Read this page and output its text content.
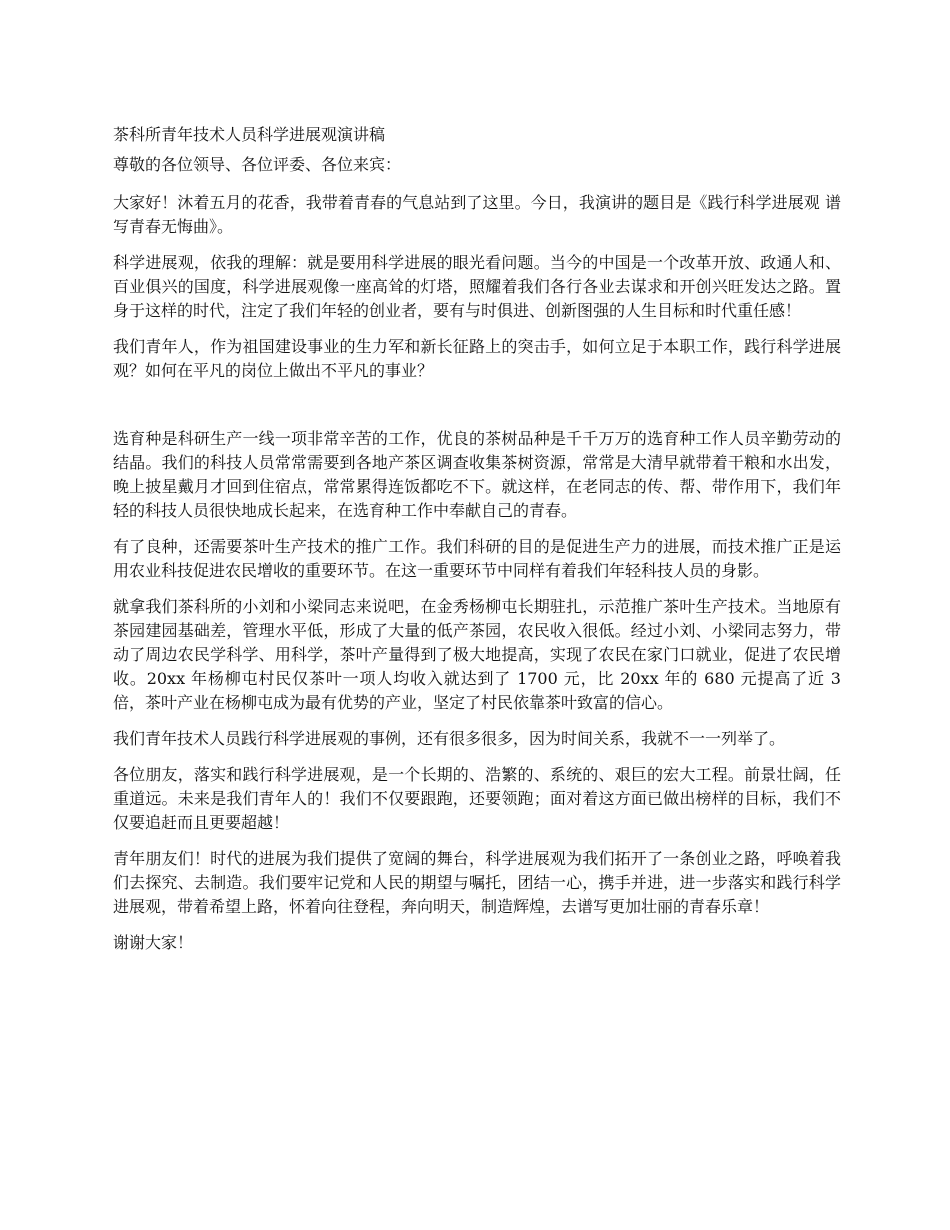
茶科所青年技术人员科学进展观演讲稿

尊敬的各位领导、各位评委、各位来宾：

大家好！沐着五月的花香，我带着青春的气息站到了这里。今日，我演讲的题目是《践行科学进展观 谱写青春无悔曲》。

科学进展观，依我的理解：就是要用科学进展的眼光看问题。当今的中国是一个改革开放、政通人和、百业俱兴的国度，科学进展观像一座高耸的灯塔，照耀着我们各行各业去谋求和开创兴旺发达之路。置身于这样的时代，注定了我们年轻的创业者，要有与时俱进、创新图强的人生目标和时代重任感！

我们青年人，作为祖国建设事业的生力军和新长征路上的突击手，如何立足于本职工作，践行科学进展观？如何在平凡的岗位上做出不平凡的事业？

选育种是科研生产一线一项非常辛苦的工作，优良的茶树品种是千千万万的选育种工作人员辛勤劳动的结晶。我们的科技人员常常需要到各地产茶区调查收集茶树资源，常常是大清早就带着干粮和水出发，晚上披星戴月才回到住宿点，常常累得连饭都吃不下。就这样，在老同志的传、帮、带作用下，我们年轻的科技人员很快地成长起来，在选育种工作中奉献自己的青春。

有了良种，还需要茶叶生产技术的推广工作。我们科研的目的是促进生产力的进展，而技术推广正是运用农业科技促进农民增收的重要环节。在这一重要环节中同样有着我们年轻科技人员的身影。

就拿我们茶科所的小刘和小梁同志来说吧，在金秀杨柳屯长期驻扎，示范推广茶叶生产技术。当地原有茶园建园基础差，管理水平低，形成了大量的低产茶园，农民收入很低。经过小刘、小梁同志努力，带动了周边农民学科学、用科学，茶叶产量得到了极大地提高，实现了农民在家门口就业，促进了农民增收。20xx 年杨柳屯村民仅茶叶一项人均收入就达到了 1700 元，比 20xx 年的 680 元提高了近 3 倍，茶叶产业在杨柳屯成为最有优势的产业，坚定了村民依靠茶叶致富的信心。

我们青年技术人员践行科学进展观的事例，还有很多很多，因为时间关系，我就不一一列举了。

各位朋友，落实和践行科学进展观，是一个长期的、浩繁的、系统的、艰巨的宏大工程。前景壮阔，任重道远。未来是我们青年人的！我们不仅要跟跑，还要领跑；面对着这方面已做出榜样的目标，我们不仅要追赶而且更要超越！

青年朋友们！时代的进展为我们提供了宽阔的舞台，科学进展观为我们拓开了一条创业之路，呼唤着我们去探究、去制造。我们要牢记党和人民的期望与嘱托，团结一心，携手并进，进一步落实和践行科学进展观，带着希望上路，怀着向往登程，奔向明天，制造辉煌，去谱写更加壮丽的青春乐章！

谢谢大家！
